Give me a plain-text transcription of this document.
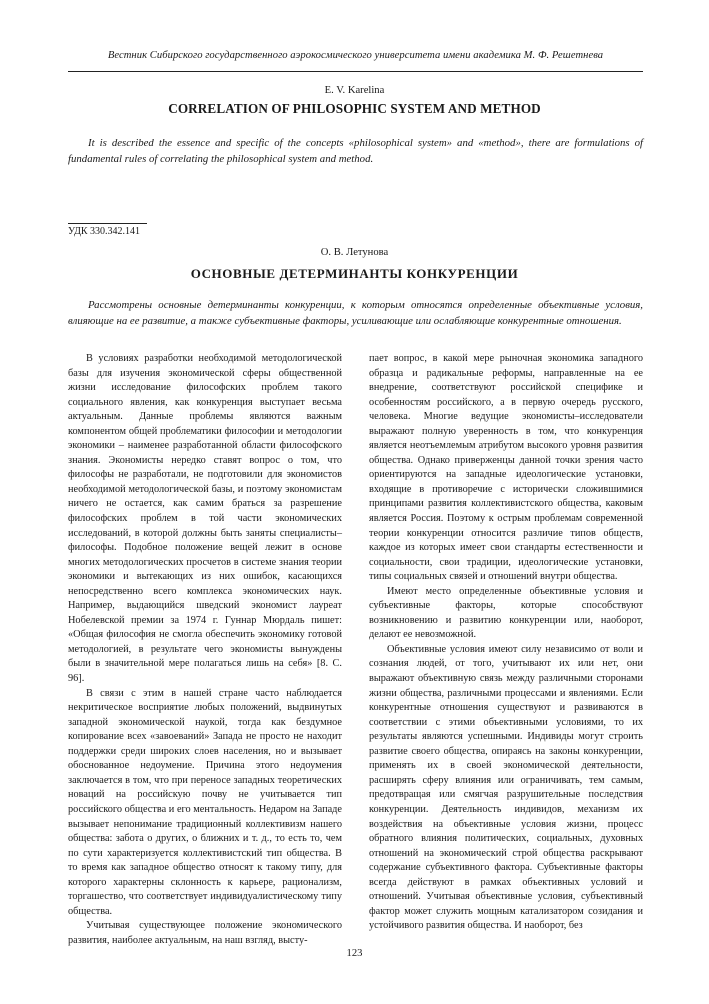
Вестник Сибирского государственного аэрокосмического университета имени академика М. Ф. Решетнева
E. V. Karelina
CORRELATION OF PHILOSOPHIC SYSTEM AND METHOD
It is described the essence and specific of the concepts «philosophical system» and «method», there are formulations of fundamental rules of correlating the philosophical system and method.
УДК 330.342.141
О. В. Летунова
ОСНОВНЫЕ ДЕТЕРМИНАНТЫ КОНКУРЕНЦИИ
Рассмотрены основные детерминанты конкуренции, к которым относятся определенные объективные условия, влияющие на ее развитие, а также субъективные факторы, усиливающие или ослабляющие конкурентные отношения.

В условиях разработки необходимой методологической базы для изучения экономической сферы общественной жизни исследование философских проблем такого социального явления, как конкуренция выступает весьма актуальным. Данные проблемы являются важным компонентом общей проблематики философии и методологии экономики – наименее разработанной области философского знания. Экономисты нередко ставят вопрос о том, что философы не разработали, не подготовили для экономистов необходимой методологической базы, и поэтому экономистам ничего не остается, как самим браться за разрешение философских проблем в той части экономических исследований, в которой должны быть заняты специалисты–философы. Подобное положение вещей лежит в основе многих методологических просчетов в системе знания теории экономики и вытекающих из них ошибок, касающихся непосредственно всего комплекса экономических наук. Например, выдающийся шведский экономист лауреат Нобелевской премии за 1974 г. Гуннар Мюрдаль пишет: «Общая философия не смогла обеспечить экономику готовой методологией, в результате чего экономисты вынуждены были в значительной мере полагаться лишь на себя» [8. С. 96].

В связи с этим в нашей стране часто наблюдается некритическое восприятие любых положений, выдвинутых западной экономической наукой, тогда как бездумное копирование всех «завоеваний» Запада не просто не находит поддержки среди широких слоев населения, но и вызывает обоснованное недоумение. Причина этого недоумения заключается в том, что при переносе западных теоретических новаций на российскую почву не учитывается тип российского общества и его ментальность. Недаром на Западе вызывает непонимание традиционный коллективизм нашего общества: забота о других, о ближних и т. д., то есть то, чем по сути характеризуется коллективистский тип общества. В то время как западное общество относят к такому типу, для которого характерны склонность к карьере, рационализм, торгашество, что соответствует индивидуалистическому типу общества.

Учитывая существующее положение экономического развития, наиболее актуальным, на наш взгляд, высту-

пает вопрос, в какой мере рыночная экономика западного образца и радикальные реформы, направленные на ее внедрение, соответствуют российской специфике и особенностям российского, а в первую очередь русского, человека. Многие ведущие экономисты–исследователи выражают полную уверенность в том, что конкуренция является неотъемлемым атрибутом высокого уровня развития общества. Однако приверженцы данной точки зрения часто ориентируются на западные идеологические установки, входящие в противоречие с исторически сложившимися принципами развития коллективистского общества, каковым является Россия. Поэтому к острым проблемам современной теории конкуренции относится различие типов обществ, каждое из которых имеет свои стандарты естественности и социальности, свои традиции, идеологические установки, типы социальных связей и отношений внутри общества.

Имеют место определенные объективные условия и субъективные факторы, которые способствуют возникновению и развитию конкуренции или, наоборот, делают ее невозможной.

Объективные условия имеют силу независимо от воли и сознания людей, от того, учитывают их или нет, они выражают объективную связь между различными сторонами жизни общества, различными процессами и явлениями. Если конкурентные отношения существуют и развиваются в соответствии с этими объективными условиями, то их результаты являются успешными. Индивиды могут строить развитие своего общества, опираясь на законы конкуренции, применять их в своей экономической деятельности, расширять сферу влияния или ограничивать, тем самым, предотвращая или смягчая разрушительные последствия конкуренции. Деятельность индивидов, механизм их воздействия на объективные условия жизни, процесс обратного влияния политических, социальных, духовных отношений на экономический строй общества раскрывают содержание субъективного фактора. Субъективные факторы всегда действуют в рамках объективных условий и отношений. Учитывая объективные условия, субъективный фактор может служить мощным катализатором созидания и устойчивого развития общества. И наоборот, без

123
